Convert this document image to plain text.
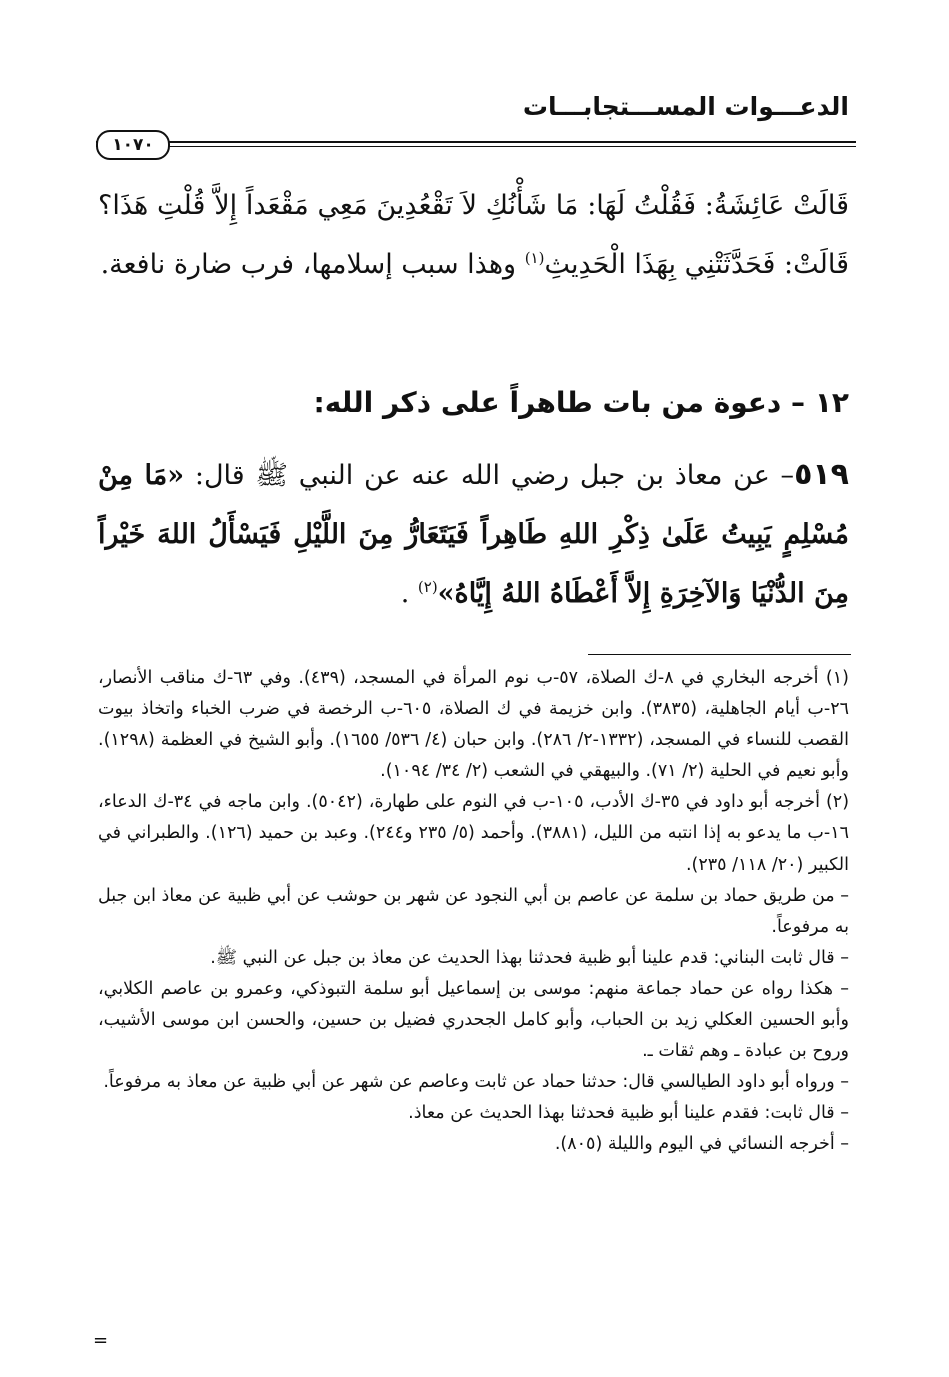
الدعـــوات المســـتجابـــات
١٠٧٠
قَالَتْ عَائِشَةُ: فَقُلْتُ لَهَا: مَا شَأْنُكِ لاَ تَقْعُدِينَ مَعِي مَقْعَداً إِلاَّ قُلْتِ هَذَا؟ قَالَتْ: فَحَدَّثَتْنِي بِهَذَا الْحَدِيثِ$^{(١)}$ وهذا سبب إسلامها، فرب ضارة نافعة.
١٢ – دعوة من بات طاهراً على ذكر الله:
٥١٩– عن معاذ بن جبل رضي الله عنه عن النبي ﷺ قال: «مَا مِنْ مُسْلِمٍ يَبِيتُ عَلَىٰ ذِكْرِ اللهِ طَاهِراً فَيَتَعَارُّ مِنَ اللَّيْلِ فَيَسْأَلُ اللهَ خَيْراً مِنَ الدُّنْيَا وَالآخِرَةِ إِلاَّ أَعْطَاهُ اللهُ إِيَّاهُ»$^{(٢)}$ .

(١) أخرجه البخاري في ٨-ك الصلاة، ٥٧-ب نوم المرأة في المسجد، (٤٣٩). وفي ٦٣-ك مناقب الأنصار، ٢٦-ب أيام الجاهلية، (٣٨٣٥). وابن خزيمة في ك الصلاة، ٦٠٥-ب الرخصة في ضرب الخباء واتخاذ بيوت القصب للنساء في المسجد، (١٣٣٢-٢/ ٢٨٦). وابن حبان (٤/ ٥٣٦/ ١٦٥٥). وأبو الشيخ في العظمة (١٢٩٨). وأبو نعيم في الحلية (٢/ ٧١). والبيهقي في الشعب (٢/ ٣٤/ ١٠٩٤).

(٢) أخرجه أبو داود في ٣٥-ك الأدب، ١٠٥-ب في النوم على طهارة، (٥٠٤٢). وابن ماجه في ٣٤-ك الدعاء، ١٦-ب ما يدعو به إذا انتبه من الليل، (٣٨٨١). وأحمد (٥/ ٢٣٥ و٢٤٤). وعبد بن حميد (١٢٦). والطبراني في الكبير (٢٠/ ١١٨/ ٢٣٥).

– من طريق حماد بن سلمة عن عاصم بن أبي النجود عن شهر بن حوشب عن أبي ظبية عن معاذ ابن جبل به مرفوعاً.

– قال ثابت البناني: قدم علينا أبو ظبية فحدثنا بهذا الحديث عن معاذ بن جبل عن النبي ﷺ.

– هكذا رواه عن حماد جماعة منهم: موسى بن إسماعيل أبو سلمة التبوذكي، وعمرو بن عاصم الكلابي، وأبو الحسين العكلي زيد بن الحباب، وأبو كامل الجحدري فضيل بن حسين، والحسن ابن موسى الأشيب، وروح بن عبادة ـ وهم ثقات ـ.

– ورواه أبو داود الطيالسي قال: حدثنا حماد عن ثابت وعاصم عن شهر عن أبي ظبية عن معاذ به مرفوعاً.

– قال ثابت: فقدم علينا أبو ظبية فحدثنا بهذا الحديث عن معاذ.

– أخرجه النسائي في اليوم والليلة (٨٠٥).

=
